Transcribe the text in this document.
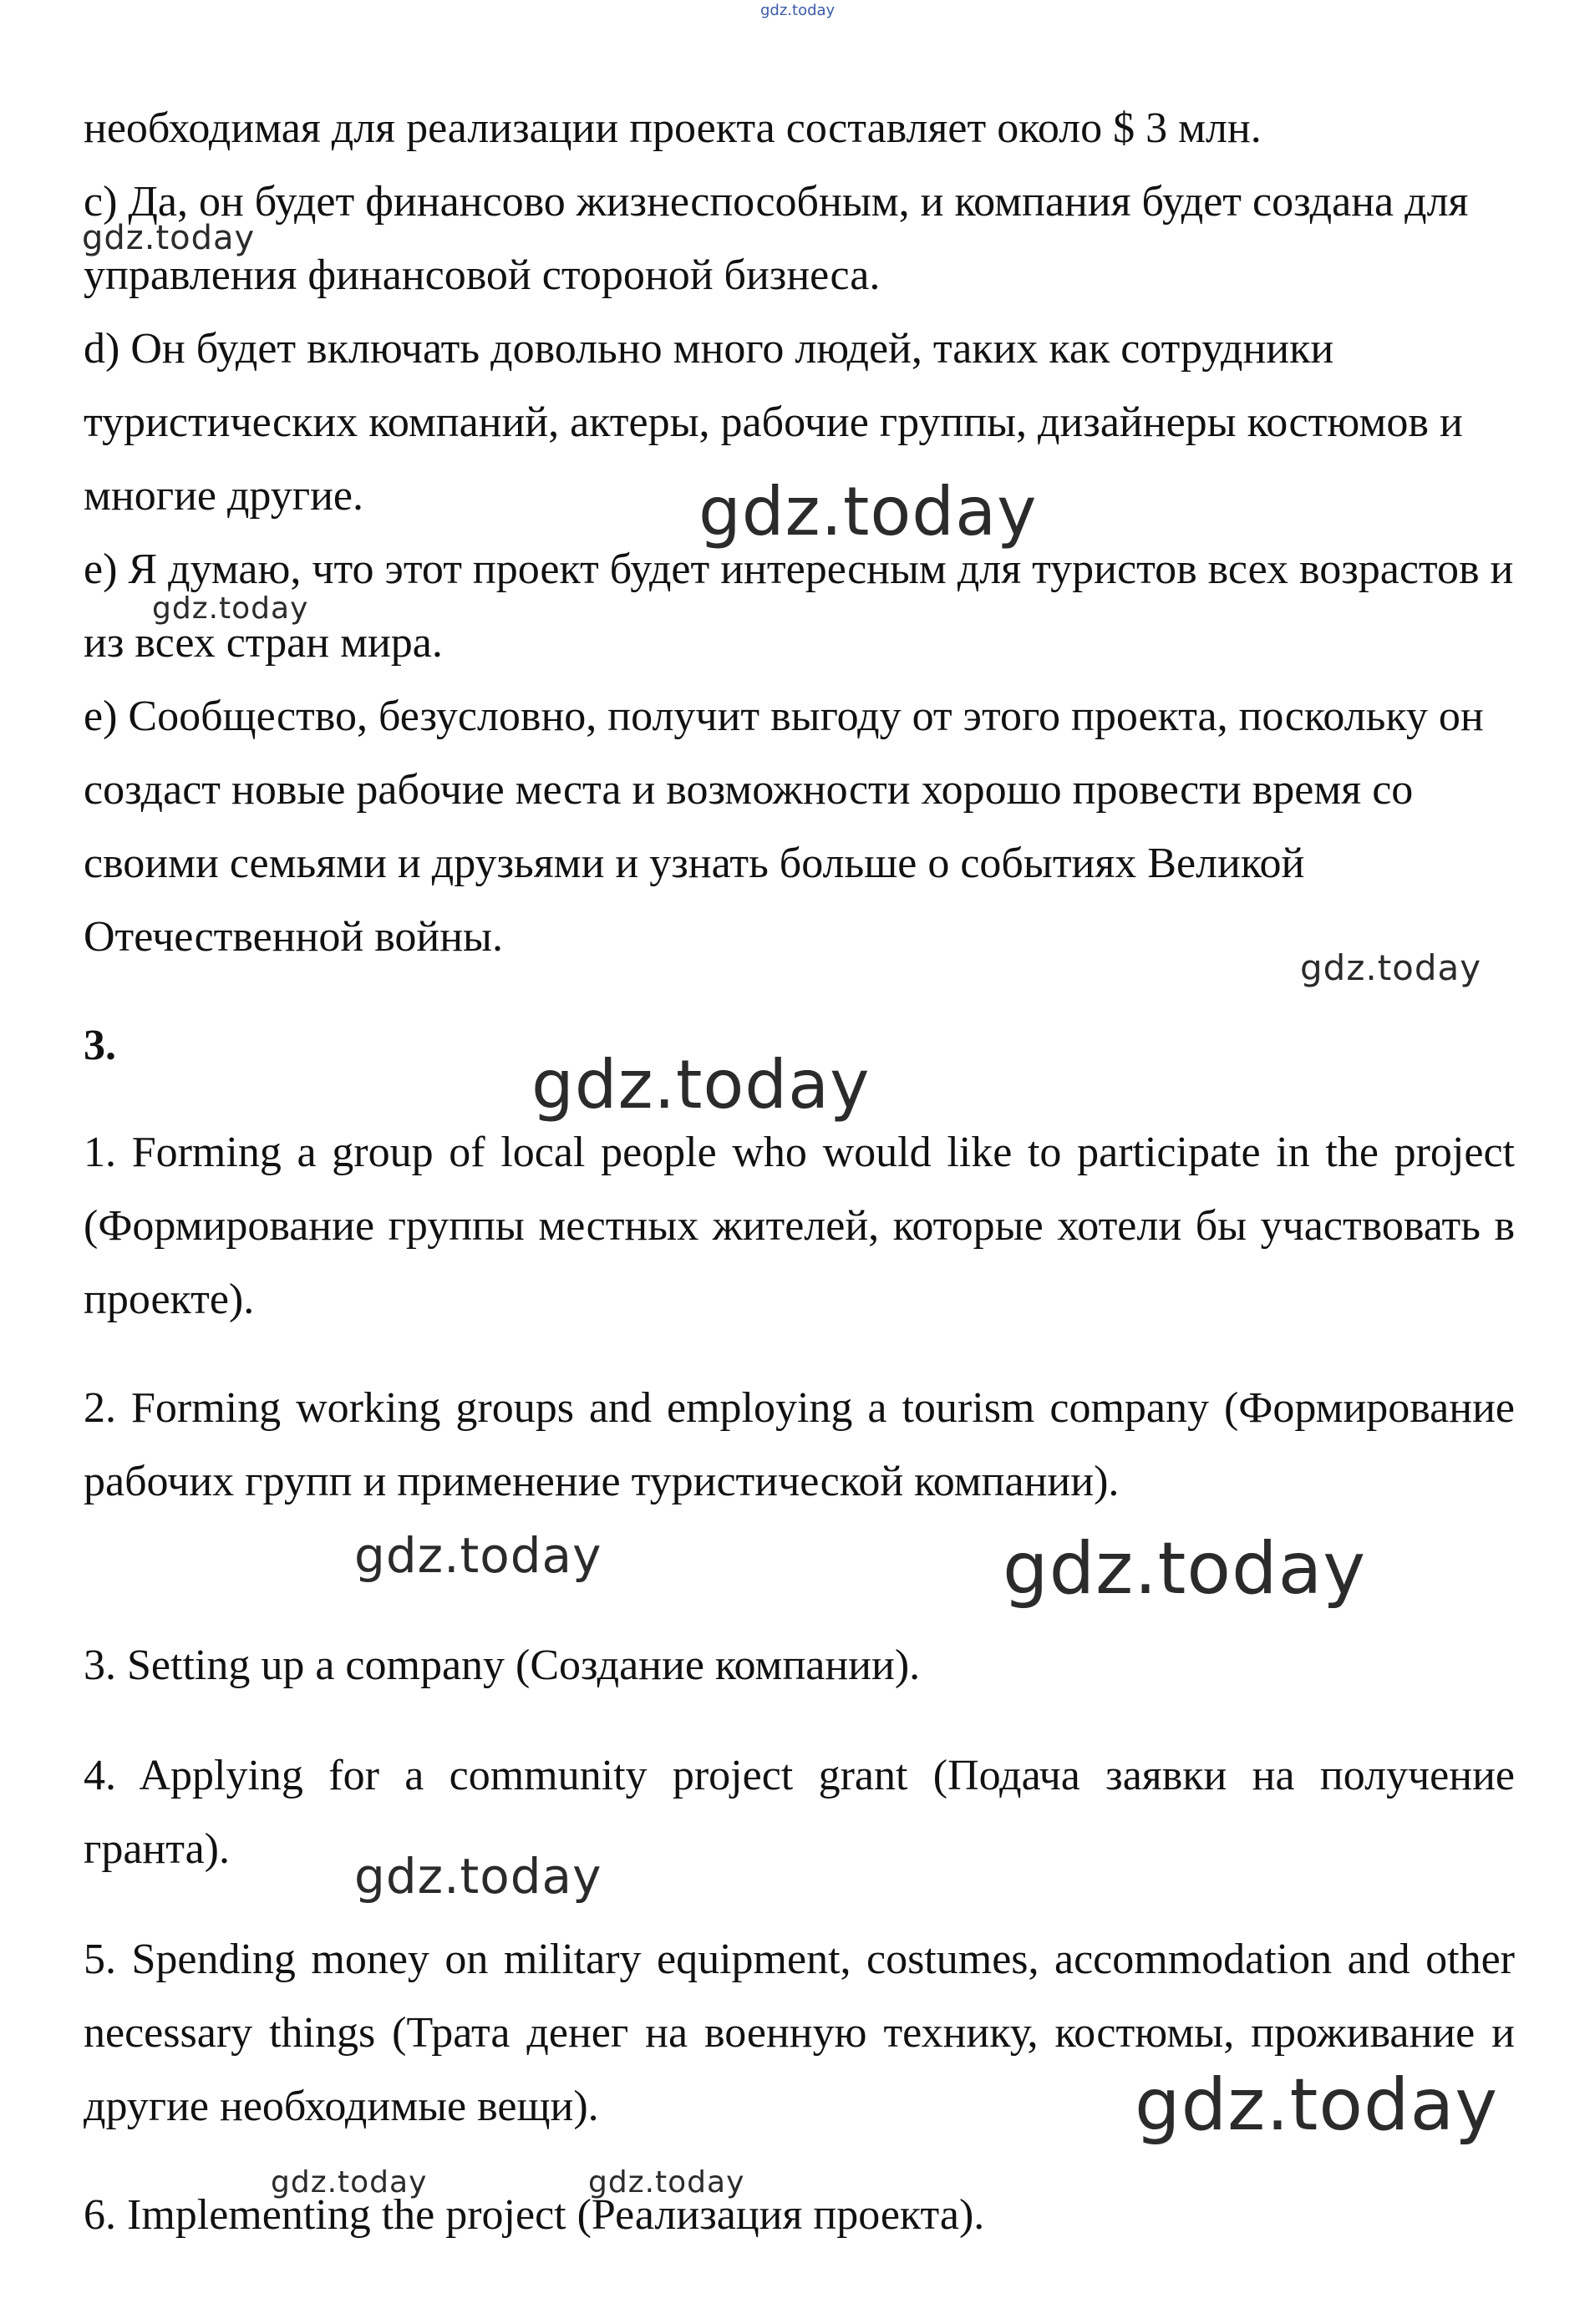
gdz.today

необходимая для реализации проекта составляет около $ 3 млн.

c) Да, он будет финансово жизнеспособным, и компания будет создана для управления финансовой стороной бизнеса.

d) Он будет включать довольно много людей, таких как сотрудники туристических компаний, актеры, рабочие группы, дизайнеры костюмов и многие другие.

e) Я думаю, что этот проект будет интересным для туристов всех возрастов и из всех стран мира.

e) Сообщество, безусловно, получит выгоду от этого проекта, поскольку он создаст новые рабочие места и возможности хорошо провести время со своими семьями и друзьями и узнать больше о событиях Великой Отечественной войны.

3.
1. Forming a group of local people who would like to participate in the project (Формирование группы местных жителей, которые хотели бы участвовать в проекте).
2. Forming working groups and employing a tourism company (Формирование рабочих групп и применение туристической компании).
3. Setting up a company (Создание компании).
4. Applying for a community project grant (Подача заявки на получение гранта).
5. Spending money on military equipment, costumes, accommodation and other necessary things (Трата денег на военную технику, костюмы, проживание и другие необходимые вещи).
6. Implementing the project (Реализация проекта).
gdz.today
gdz.today
gdz.today
gdz.today
gdz.today
gdz.today	gdz.today
gdz.today
gdz.today
gdz.today	gdz.today
